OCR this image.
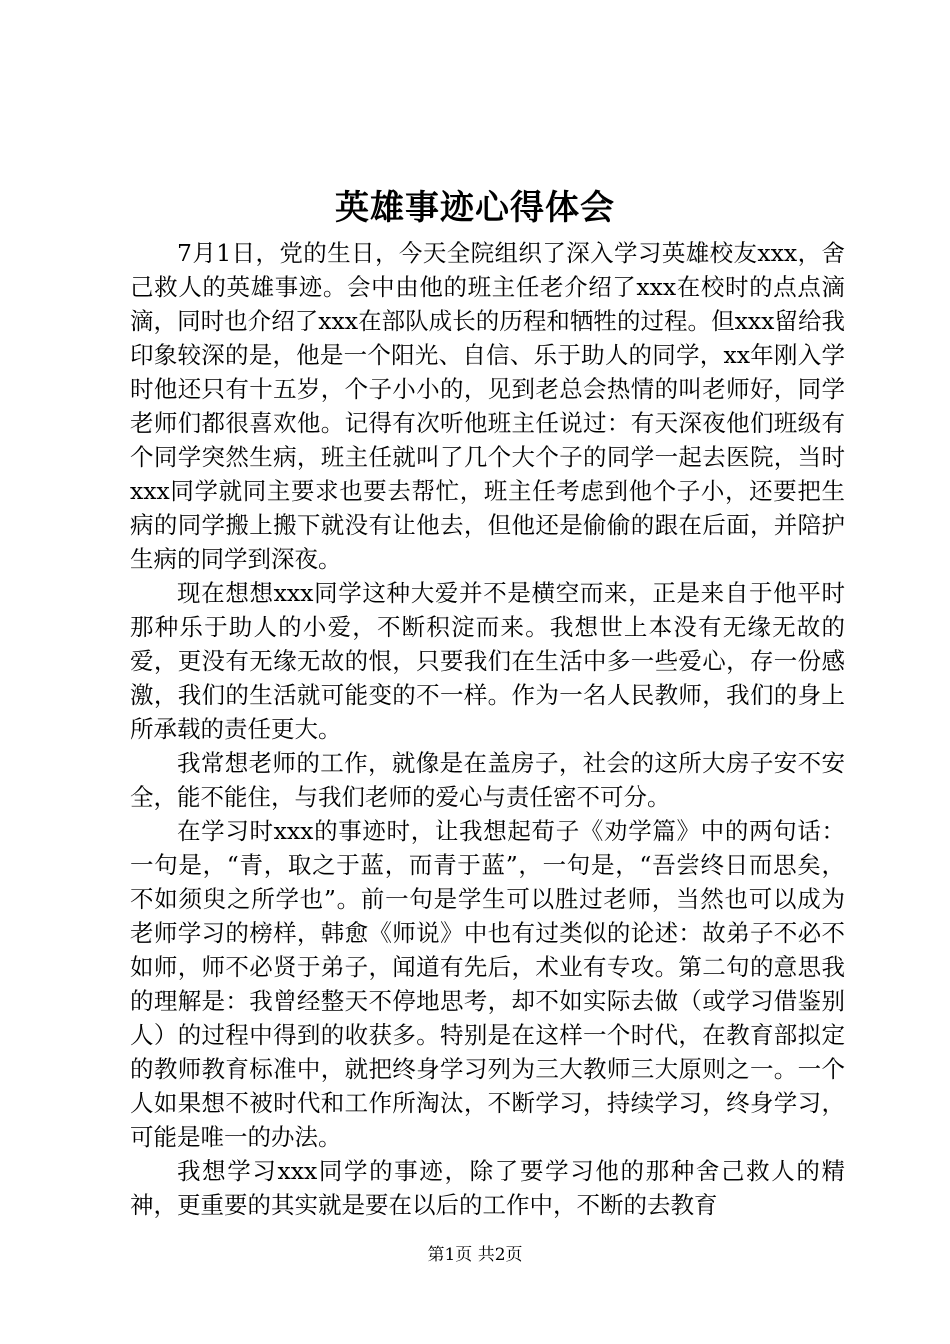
英雄事迹心得体会

7月1日，党的生日，今天全院组织了深入学习英雄校友xxx，舍己救人的英雄事迹。会中由他的班主任老介绍了xxx在校时的点点滴滴，同时也介绍了xxx在部队成长的历程和牺牲的过程。但xxx留给我印象较深的是，他是一个阳光、自信、乐于助人的同学，xx年刚入学时他还只有十五岁，个子小小的，见到老总会热情的叫老师好，同学老师们都很喜欢他。记得有次听他班主任说过：有天深夜他们班级有个同学突然生病，班主任就叫了几个大个子的同学一起去医院，当时xxx同学就同主要求也要去帮忙，班主任考虑到他个子小，还要把生病的同学搬上搬下就没有让他去，但他还是偷偷的跟在后面，并陪护生病的同学到深夜。

现在想想xxx同学这种大爱并不是横空而来，正是来自于他平时那种乐于助人的小爱，不断积淀而来。我想世上本没有无缘无故的爱，更没有无缘无故的恨，只要我们在生活中多一些爱心，存一份感激，我们的生活就可能变的不一样。作为一名人民教师，我们的身上所承载的责任更大。

我常想老师的工作，就像是在盖房子，社会的这所大房子安不安全，能不能住，与我们老师的爱心与责任密不可分。

在学习时xxx的事迹时，让我想起荀子《劝学篇》中的两句话：一句是，“青，取之于蓝，而青于蓝”，一句是，“吾尝终日而思矣，不如须臾之所学也”。前一句是学生可以胜过老师，当然也可以成为老师学习的榜样，韩愈《师说》中也有过类似的论述：故弟子不必不如师，师不必贤于弟子，闻道有先后，术业有专攻。第二句的意思我的理解是：我曾经整天不停地思考，却不如实际去做（或学习借鉴别人）的过程中得到的收获多。特别是在这样一个时代，在教育部拟定的教师教育标准中，就把终身学习列为三大教师三大原则之一。一个人如果想不被时代和工作所淘汰，不断学习，持续学习，终身学习，可能是唯一的办法。

我想学习xxx同学的事迹，除了要学习他的那种舍己救人的精神，更重要的其实就是要在以后的工作中，不断的去教育

第1页 共2页
